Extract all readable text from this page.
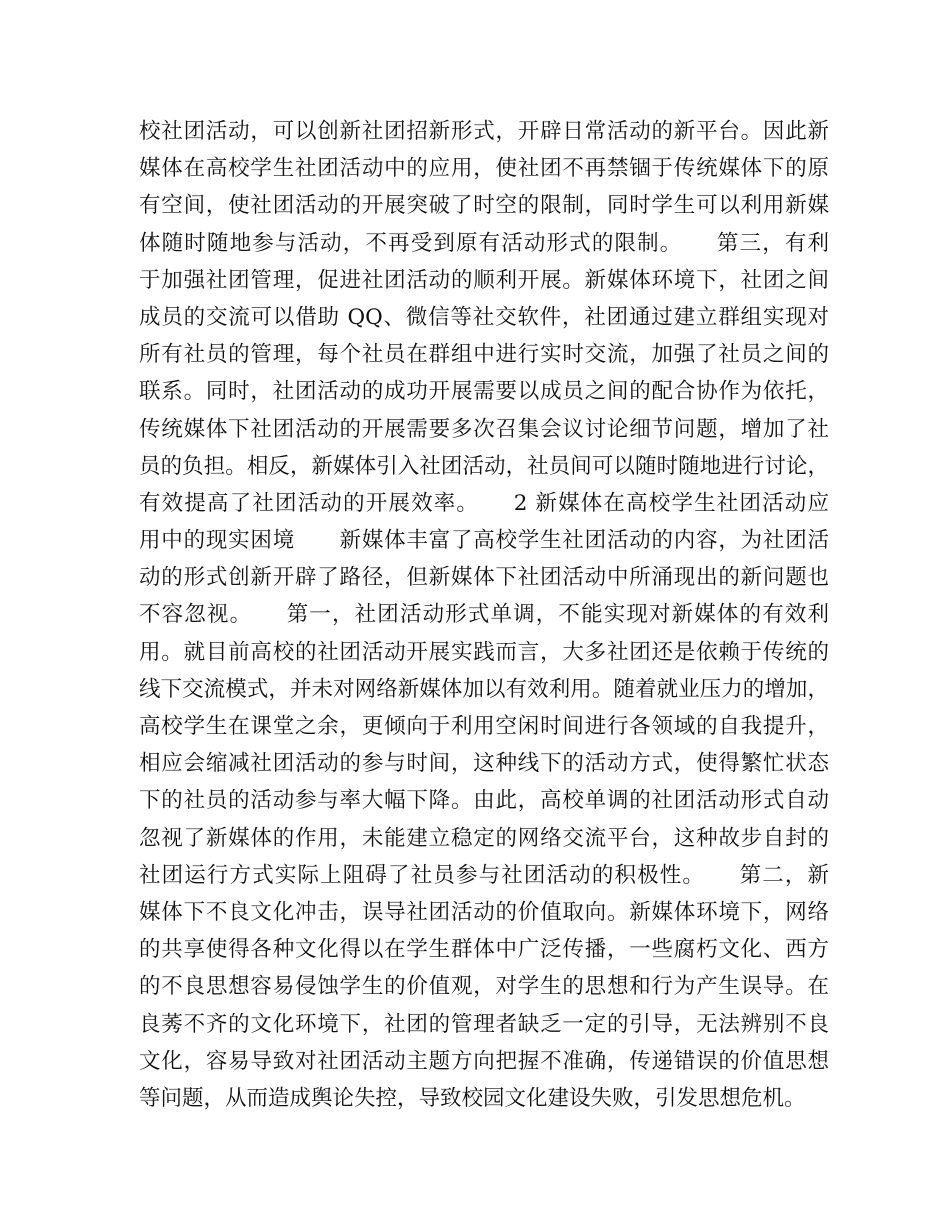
校社团活动，可以创新社团招新形式，开辟日常活动的新平台。因此新
媒体在高校学生社团活动中的应用，使社团不再禁锢于传统媒体下的原
有空间，使社团活动的开展突破了时空的限制，同时学生可以利用新媒
体随时随地参与活动，不再受到原有活动形式的限制。　　第三，有利
于加强社团管理，促进社团活动的顺利开展。新媒体环境下，社团之间
成员的交流可以借助 QQ、微信等社交软件，社团通过建立群组实现对
所有社员的管理，每个社员在群组中进行实时交流，加强了社员之间的
联系。同时，社团活动的成功开展需要以成员之间的配合协作为依托，
传统媒体下社团活动的开展需要多次召集会议讨论细节问题，增加了社
员的负担。相反，新媒体引入社团活动，社员间可以随时随地进行讨论，
有效提高了社团活动的开展效率。　　2 新媒体在高校学生社团活动应
用中的现实困境　　新媒体丰富了高校学生社团活动的内容，为社团活
动的形式创新开辟了路径，但新媒体下社团活动中所涌现出的新问题也
不容忽视。　　第一，社团活动形式单调，不能实现对新媒体的有效利
用。就目前高校的社团活动开展实践而言，大多社团还是依赖于传统的
线下交流模式，并未对网络新媒体加以有效利用。随着就业压力的增加，
高校学生在课堂之余，更倾向于利用空闲时间进行各领域的自我提升，
相应会缩减社团活动的参与时间，这种线下的活动方式，使得繁忙状态
下的社员的活动参与率大幅下降。由此，高校单调的社团活动形式自动
忽视了新媒体的作用，未能建立稳定的网络交流平台，这种故步自封的
社团运行方式实际上阻碍了社员参与社团活动的积极性。　　第二，新
媒体下不良文化冲击，误导社团活动的价值取向。新媒体环境下，网络
的共享使得各种文化得以在学生群体中广泛传播，一些腐朽文化、西方
的不良思想容易侵蚀学生的价值观，对学生的思想和行为产生误导。在
良莠不齐的文化环境下，社团的管理者缺乏一定的引导，无法辨别不良
文化，容易导致对社团活动主题方向把握不准确，传递错误的价值思想
等问题，从而造成舆论失控，导致校园文化建设失败，引发思想危机。
